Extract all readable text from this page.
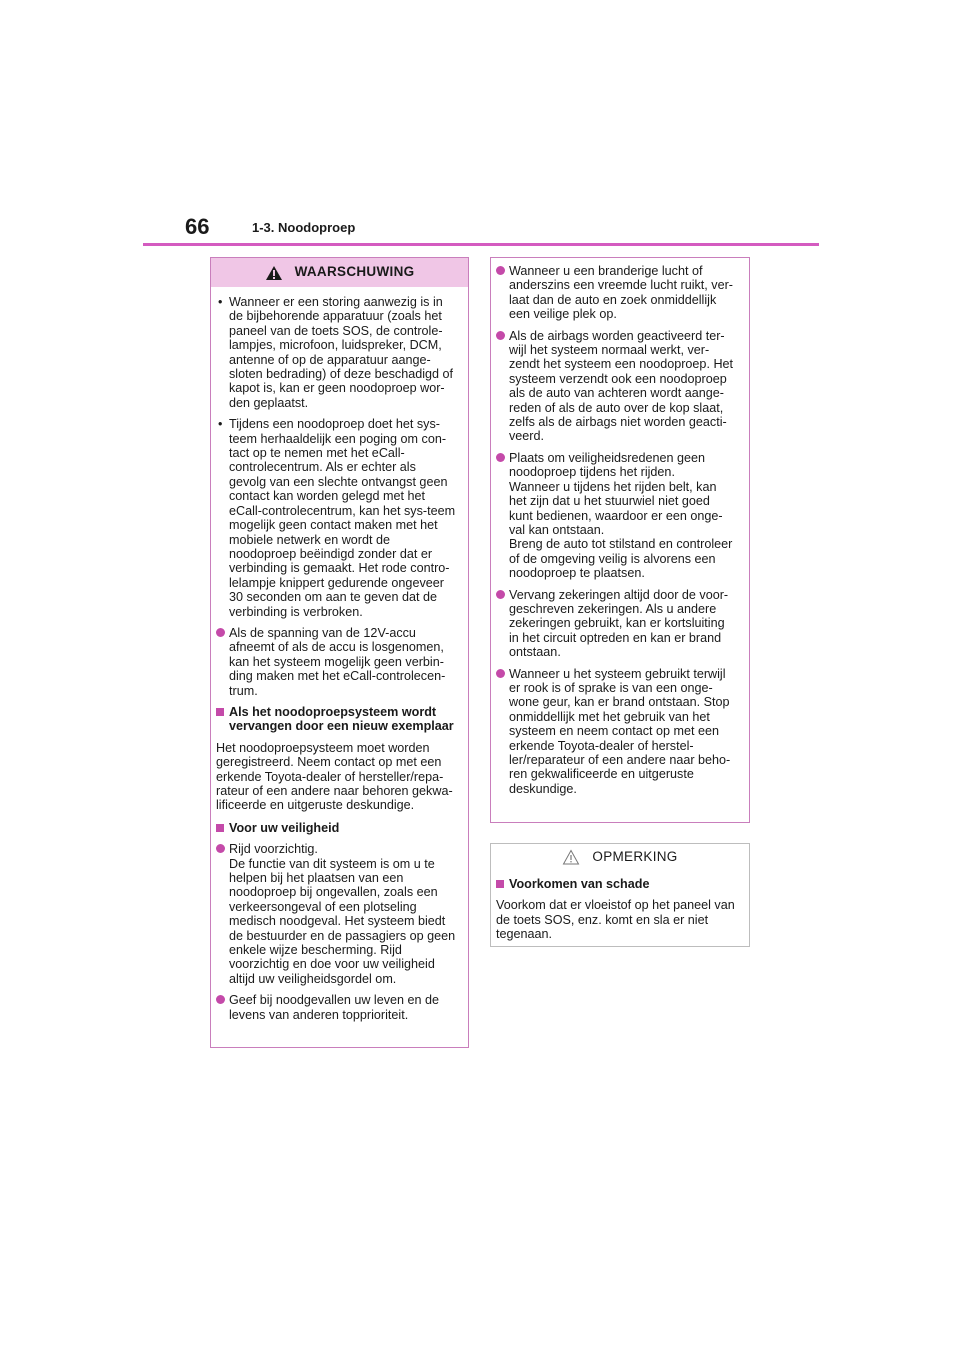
66	1-3. Noodoproep
WAARSCHUWING
• Wanneer er een storing aanwezig is in de bijbehorende apparatuur (zoals het paneel van de toets SOS, de controle-lampjes, microfoon, luidspreker, DCM, antenne of op de apparatuur aange-sloten bedrading) of deze beschadigd of kapot is, kan er geen noodoproep wor-den geplaatst.
• Tijdens een noodoproep doet het sys-teem herhaaldelijk een poging om con-tact op te nemen met het eCall-controlecentrum. Als er echter als gevolg van een slechte ontvangst geen contact kan worden gelegd met het eCall-controlecentrum, kan het sys-teem mogelijk geen contact maken met het mobiele netwerk en wordt de noodoproep beëindigd zonder dat er verbinding is gemaakt. Het rode contro-lelampje knippert gedurende ongeveer 30 seconden om aan te geven dat de verbinding is verbroken.
Als de spanning van de 12V-accu afneemt of als de accu is losgenomen, kan het systeem mogelijk geen verbin-ding maken met het eCall-controlecen-trum.
Als het noodoproepsysteem wordt vervangen door een nieuw exemplaar
Het noodoproepsysteem moet worden geregistreerd. Neem contact op met een erkende Toyota-dealer of hersteller/repa-rateur of een andere naar behoren gekwa-lificeerde en uitgeruste deskundige.
Voor uw veiligheid
Rijd voorzichtig.
De functie van dit systeem is om u te helpen bij het plaatsen van een noodoproep bij ongevallen, zoals een verkeersongeval of een plotseling medisch noodgeval. Het systeem biedt de bestuurder en de passagiers op geen enkele wijze bescherming. Rijd voorzichtig en doe voor uw veiligheid altijd uw veiligheidsgordel om.
Geef bij noodgevallen uw leven en de levens van anderen topprioriteit.
Wanneer u een branderige lucht of anderszins een vreemde lucht ruikt, ver-laat dan de auto en zoek onmiddellijk een veilige plek op.
Als de airbags worden geactiveerd ter-wijl het systeem normaal werkt, ver-zendt het systeem een noodoproep. Het systeem verzendt ook een noodoproep als de auto van achteren wordt aange-reden of als de auto over de kop slaat, zelfs als de airbags niet worden geacti-veerd.
Plaats om veiligheidsredenen geen noodoproep tijdens het rijden.
Wanneer u tijdens het rijden belt, kan het zijn dat u het stuurwiel niet goed kunt bedienen, waardoor er een onge-val kan ontstaan.
Breng de auto tot stilstand en controleer of de omgeving veilig is alvorens een noodoproep te plaatsen.
Vervang zekeringen altijd door de voor-geschreven zekeringen. Als u andere zekeringen gebruikt, kan er kortsluiting in het circuit optreden en kan er brand ontstaan.
Wanneer u het systeem gebruikt terwijl er rook is of sprake is van een onge-wone geur, kan er brand ontstaan. Stop onmiddellijk met het gebruik van het systeem en neem contact op met een erkende Toyota-dealer of herstel-ler/reparateur of een andere naar beho-ren gekwalificeerde en uitgeruste deskundige.
OPMERKING
Voorkomen van schade
Voorkom dat er vloeistof op het paneel van de toets SOS, enz. komt en sla er niet tegenaan.
